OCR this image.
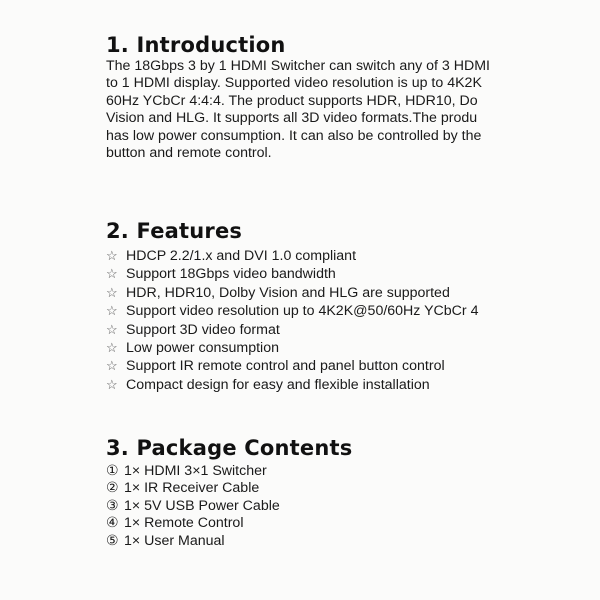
1. Introduction
The 18Gbps 3 by 1 HDMI Switcher can switch any of 3 HDMI
to 1 HDMI display. Supported video resolution is up to 4K2K
60Hz YCbCr 4:4:4. The product supports HDR, HDR10, Do
Vision and HLG. It supports all 3D video formats.The produ
has low power consumption. It can also be controlled by the
button and remote control.
2. Features
☆ HDCP 2.2/1.x and DVI 1.0 compliant
☆ Support 18Gbps video bandwidth
☆ HDR, HDR10, Dolby Vision and HLG are supported
☆ Support video resolution up to 4K2K@50/60Hz YCbCr 4
☆ Support 3D video format
☆ Low power consumption
☆ Support IR remote control and panel button control
☆ Compact design for easy and flexible installation
3. Package Contents
① 1× HDMI 3×1 Switcher
② 1× IR Receiver Cable
③ 1× 5V USB Power Cable
④ 1× Remote Control
⑤ 1× User Manual
